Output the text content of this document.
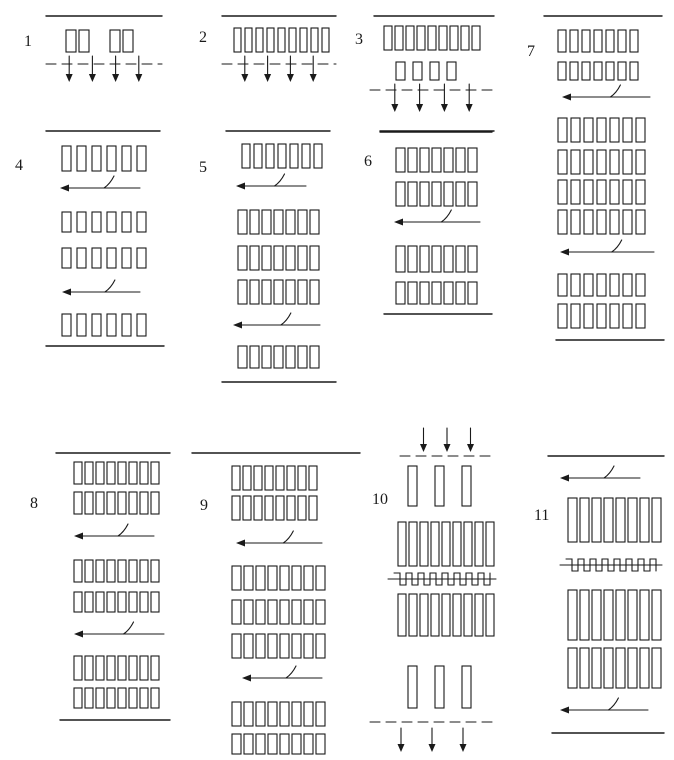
1	2	3
4	5	6
7
8	9	10
11
